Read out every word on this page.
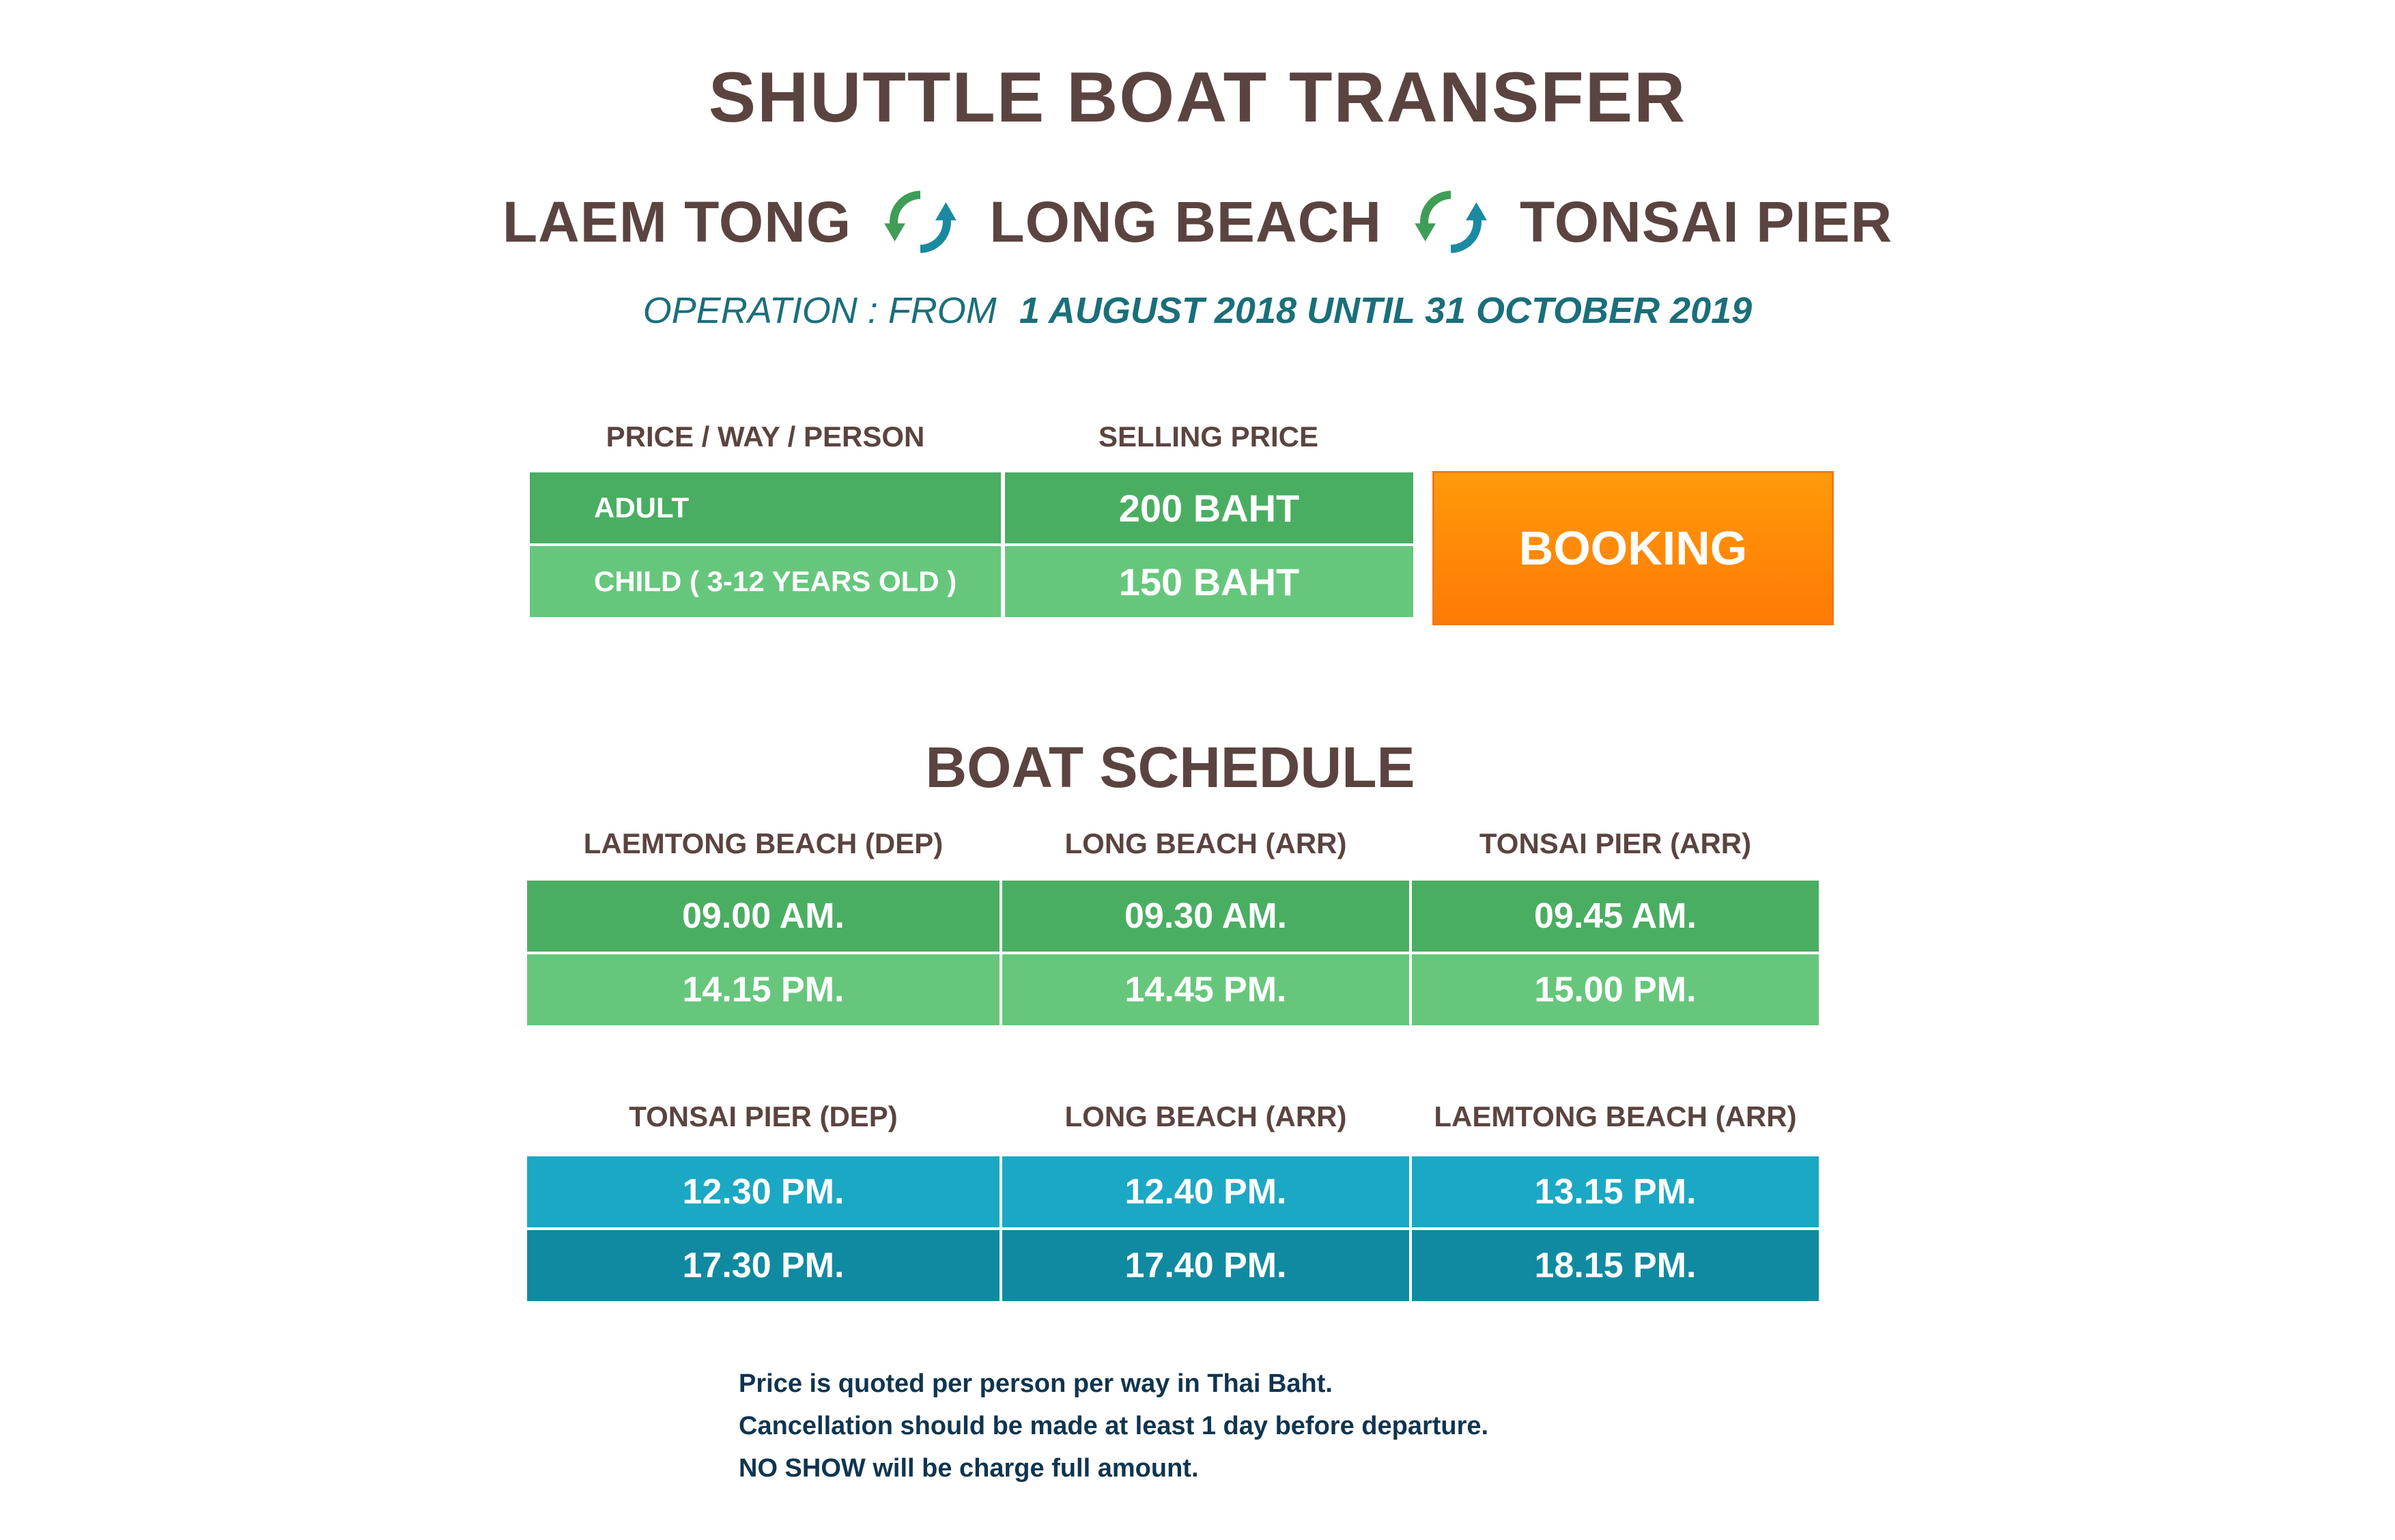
SHUTTLE BOAT TRANSFER
LAEM TONG	LONG BEACH	TONSAI PIER
OPERATION : FROM 1 AUGUST 2018 UNTIL 31 OCTOBER 2019
PRICE / WAY / PERSON	SELLING PRICE
ADULT	200 BAHT
CHILD ( 3-12 YEARS OLD )	150 BAHT
BOOKING
BOAT SCHEDULE
LAEMTONG BEACH (DEP)	LONG BEACH (ARR)	TONSAI PIER (ARR)
09.00 AM.	09.30 AM.	09.45 AM.
14.15 PM.	14.45 PM.	15.00 PM.
TONSAI PIER (DEP)	LONG BEACH (ARR)	LAEMTONG BEACH (ARR)
12.30 PM.	12.40 PM.	13.15 PM.
17.30 PM.	17.40 PM.	18.15 PM.
Price is quoted per person per way in Thai Baht.
Cancellation should be made at least 1 day before departure.
NO SHOW will be charge full amount.
